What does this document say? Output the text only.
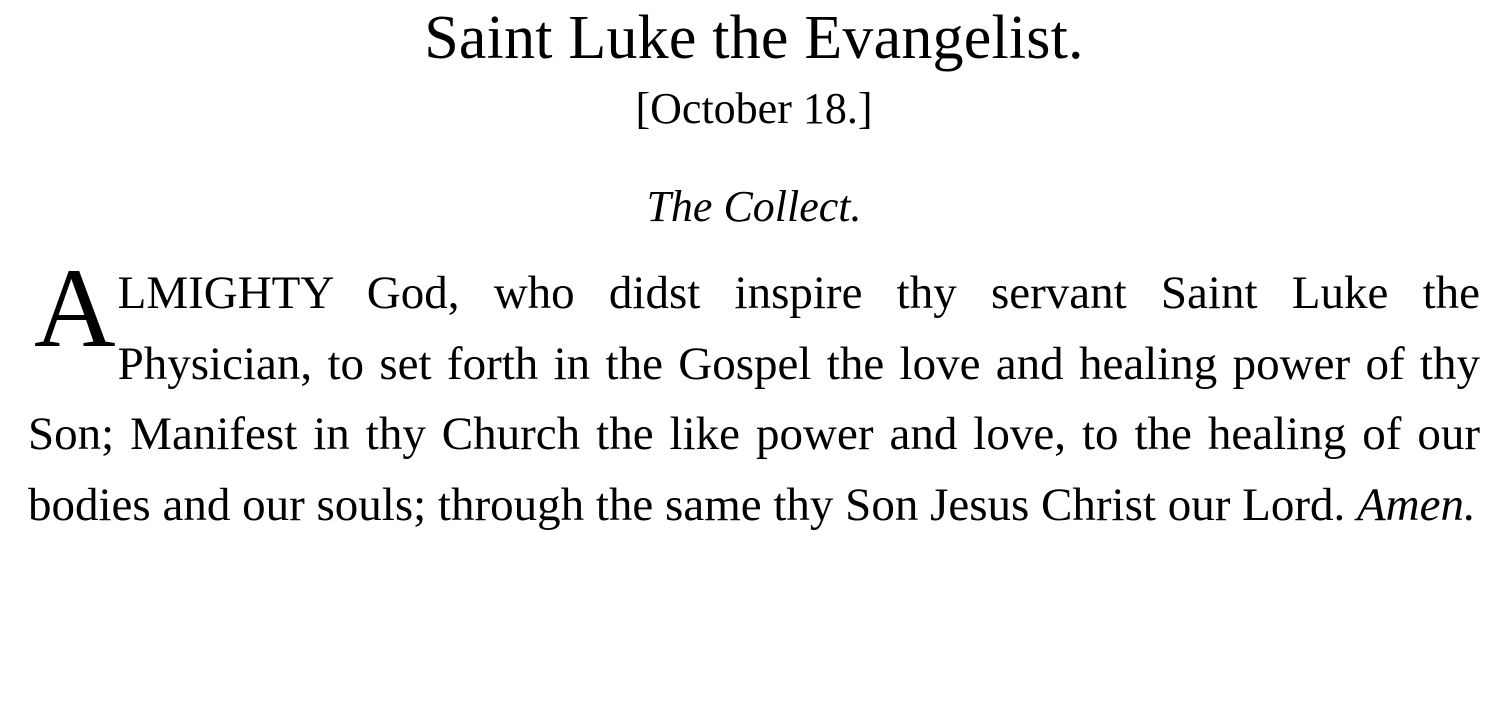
Saint Luke the Evangelist.
[October 18.]
The Collect.

ALMIGHTY God, who didst inspire thy servant Saint Luke the Physician, to set forth in the Gospel the love and healing power of thy Son; Manifest in thy Church the like power and love, to the healing of our bodies and our souls; through the same thy Son Jesus Christ our Lord. Amen.
